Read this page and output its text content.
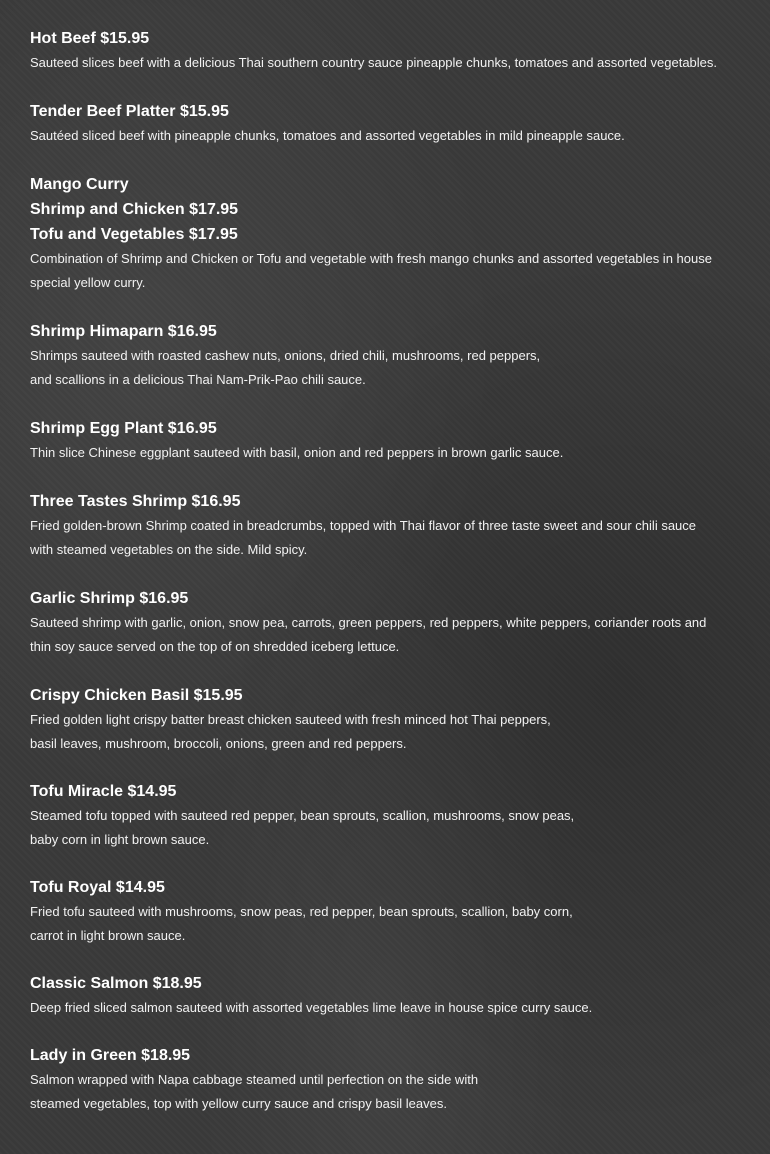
Hot Beef $15.95
Sauteed slices beef with a delicious Thai southern country sauce pineapple chunks, tomatoes and assorted vegetables.
Tender Beef Platter $15.95
Sautéed sliced beef with pineapple chunks, tomatoes and assorted vegetables in mild pineapple sauce.
Mango Curry
Shrimp and Chicken $17.95
Tofu and Vegetables $17.95
Combination of Shrimp and Chicken or Tofu and vegetable with fresh mango chunks and assorted vegetables in house
special yellow curry.
Shrimp Himaparn $16.95
Shrimps sauteed with roasted cashew nuts, onions, dried chili, mushrooms, red peppers,
and scallions in a delicious Thai Nam-Prik-Pao chili sauce.
Shrimp Egg Plant $16.95
Thin slice Chinese eggplant sauteed with basil, onion and red peppers in brown garlic sauce.
Three Tastes Shrimp $16.95
Fried golden-brown Shrimp coated in breadcrumbs, topped with Thai flavor of three taste sweet and sour chili sauce
with steamed vegetables on the side. Mild spicy.
Garlic Shrimp $16.95
Sauteed shrimp with garlic, onion, snow pea, carrots, green peppers, red peppers, white peppers, coriander roots and
thin soy sauce served on the top of on shredded iceberg lettuce.
Crispy Chicken Basil $15.95
Fried golden light crispy batter breast chicken sauteed with fresh minced hot Thai peppers,
basil leaves, mushroom, broccoli, onions, green and red peppers.
Tofu Miracle $14.95
Steamed tofu topped with sauteed red pepper, bean sprouts, scallion, mushrooms, snow peas,
baby corn in light brown sauce.
Tofu Royal $14.95
Fried tofu sauteed with mushrooms, snow peas, red pepper, bean sprouts, scallion, baby corn,
carrot in light brown sauce.
Classic Salmon $18.95
Deep fried sliced salmon sauteed with assorted vegetables lime leave in house spice curry sauce.
Lady in Green $18.95
Salmon wrapped with Napa cabbage steamed until perfection on the side with
steamed vegetables, top with yellow curry sauce and crispy basil leaves.
